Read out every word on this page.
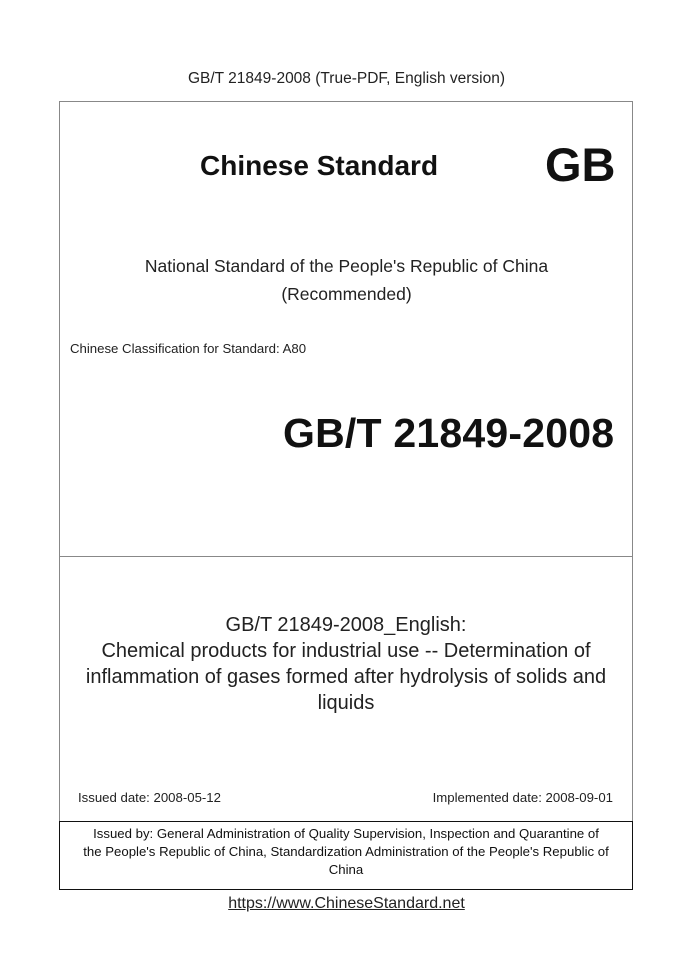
GB/T 21849-2008 (True-PDF, English version)
Chinese Standard GB
National Standard of the People's Republic of China
(Recommended)
Chinese Classification for Standard: A80
GB/T 21849-2008
GB/T 21849-2008_English:
Chemical products for industrial use -- Determination of
inflammation of gases formed after hydrolysis of solids and
liquids
Issued date: 2008-05-12	Implemented date: 2008-09-01
Issued by: General Administration of Quality Supervision, Inspection and Quarantine of
the People's Republic of China, Standardization Administration of the People's Republic of
China
https://www.ChineseStandard.net
